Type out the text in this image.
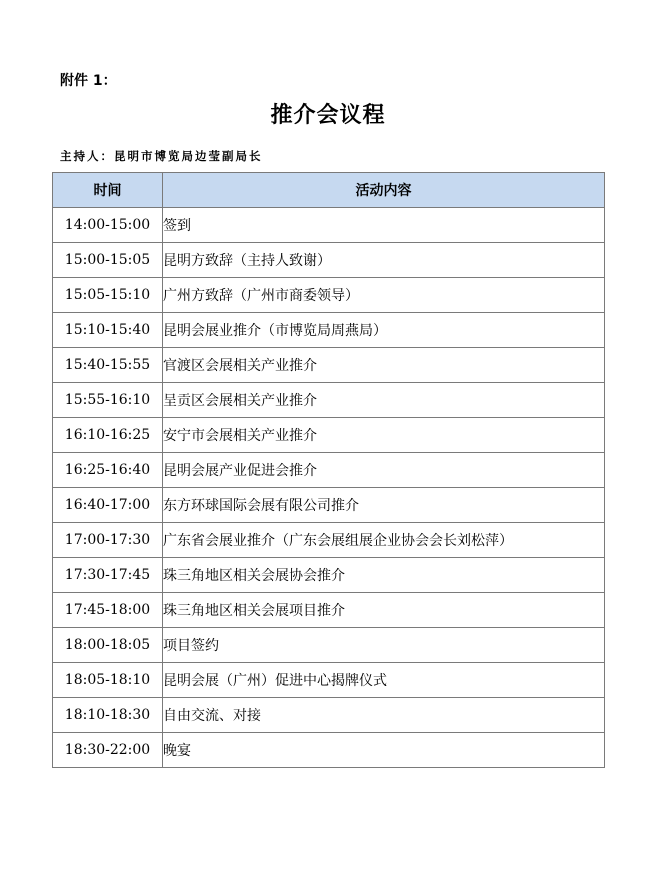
附件 1：
推介会议程
主持人：昆明市博览局边莹副局长
时间	活动内容
14:00-15:00	签到
15:00-15:05	昆明方致辞（主持人致谢）
15:05-15:10	广州方致辞（广州市商委领导）
15:10-15:40	昆明会展业推介（市博览局周燕局）
15:40-15:55	官渡区会展相关产业推介
15:55-16:10	呈贡区会展相关产业推介
16:10-16:25	安宁市会展相关产业推介
16:25-16:40	昆明会展产业促进会推介
16:40-17:00	东方环球国际会展有限公司推介
17:00-17:30	广东省会展业推介（广东会展组展企业协会会长刘松萍）
17:30-17:45	珠三角地区相关会展协会推介
17:45-18:00	珠三角地区相关会展项目推介
18:00-18:05	项目签约
18:05-18:10	昆明会展（广州）促进中心揭牌仪式
18:10-18:30	自由交流、对接
18:30-22:00	晚宴
